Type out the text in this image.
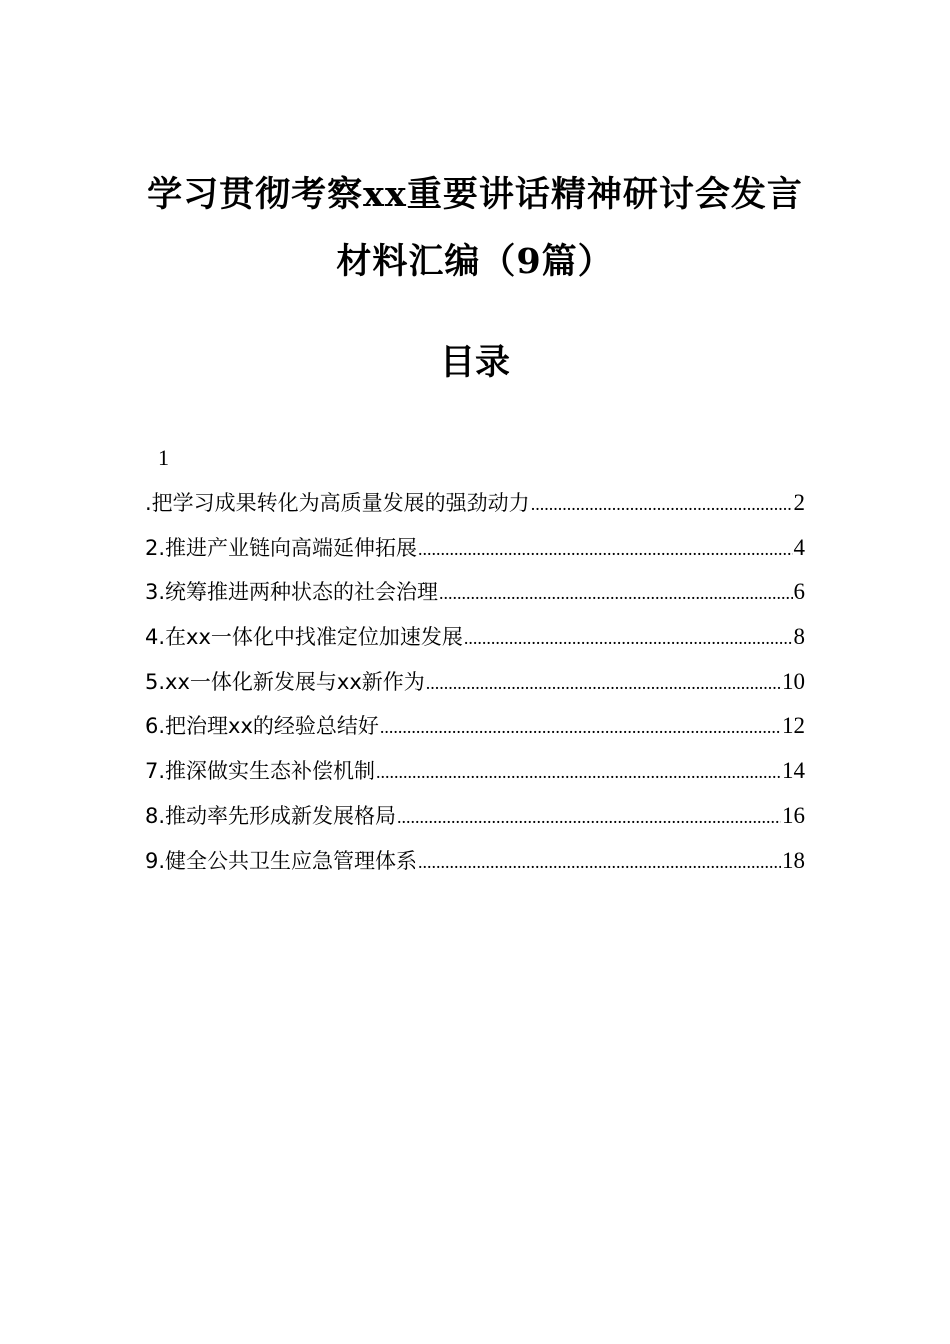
学习贯彻考察xx重要讲话精神研讨会发言
材料汇编（9篇）
目录
1
.把学习成果转化为高质量发展的强劲动力 .....	2
2.推进产业链向高端延伸拓展 .....	4
3.统筹推进两种状态的社会治理 .....	6
4.在xx一体化中找准定位加速发展 .....	8
5.xx一体化新发展与xx新作为 .....	10
6.把治理xx的经验总结好 .....	12
7.推深做实生态补偿机制 .....	14
8.推动率先形成新发展格局 .....	16
9.健全公共卫生应急管理体系 .....	18
